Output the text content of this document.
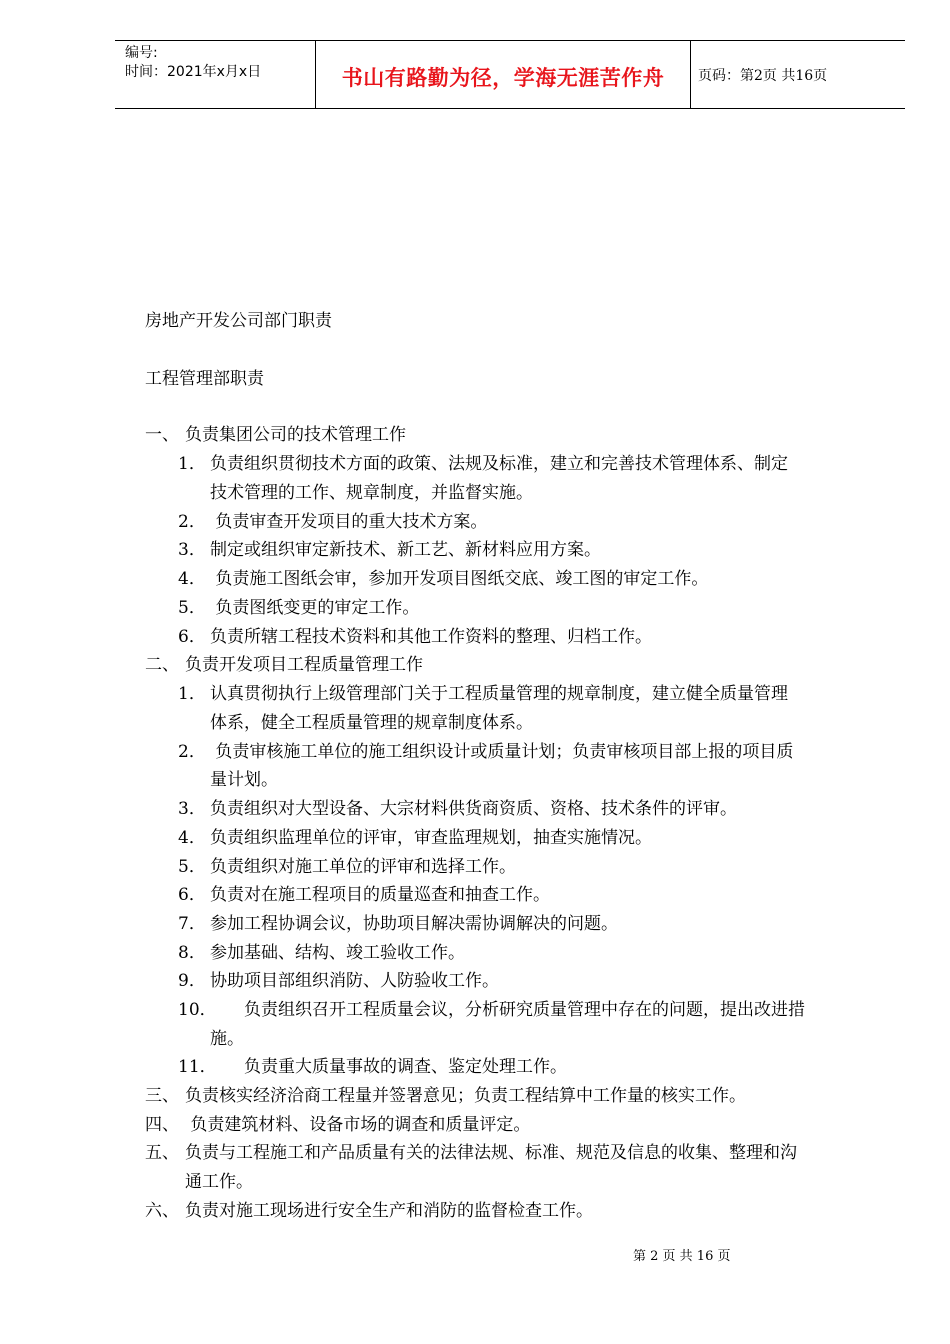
编号:
时间：2021年x月x日	书山有路勤为径，学海无涯苦作舟	页码：第2页 共16页
房地产开发公司部门职责
工程管理部职责
一、 负责集团公司的技术管理工作
1． 负责组织贯彻技术方面的政策、法规及标准，建立和完善技术管理体系、制定
技术管理的工作、规章制度，并监督实施。
2． 负责审查开发项目的重大技术方案。
3． 制定或组织审定新技术、新工艺、新材料应用方案。
4． 负责施工图纸会审，参加开发项目图纸交底、竣工图的审定工作。
5． 负责图纸变更的审定工作。
6． 负责所辖工程技术资料和其他工作资料的整理、归档工作。
二、 负责开发项目工程质量管理工作
1． 认真贯彻执行上级管理部门关于工程质量管理的规章制度，建立健全质量管理
体系，健全工程质量管理的规章制度体系。
2． 负责审核施工单位的施工组织设计或质量计划；负责审核项目部上报的项目质
量计划。
3． 负责组织对大型设备、大宗材料供货商资质、资格、技术条件的评审。
4． 负责组织监理单位的评审，审查监理规划，抽查实施情况。
5． 负责组织对施工单位的评审和选择工作。
6． 负责对在施工程项目的质量巡查和抽查工作。
7． 参加工程协调会议，协助项目解决需协调解决的问题。
8． 参加基础、结构、竣工验收工作。
9． 协助项目部组织消防、人防验收工作。
10． 负责组织召开工程质量会议，分析研究质量管理中存在的问题，提出改进措
施。
11． 负责重大质量事故的调查、鉴定处理工作。
三、 负责核实经济洽商工程量并签署意见；负责工程结算中工作量的核实工作。
四、 负责建筑材料、设备市场的调查和质量评定。
五、 负责与工程施工和产品质量有关的法律法规、标准、规范及信息的收集、整理和沟
通工作。
六、 负责对施工现场进行安全生产和消防的监督检查工作。
第 2 页 共 16 页
